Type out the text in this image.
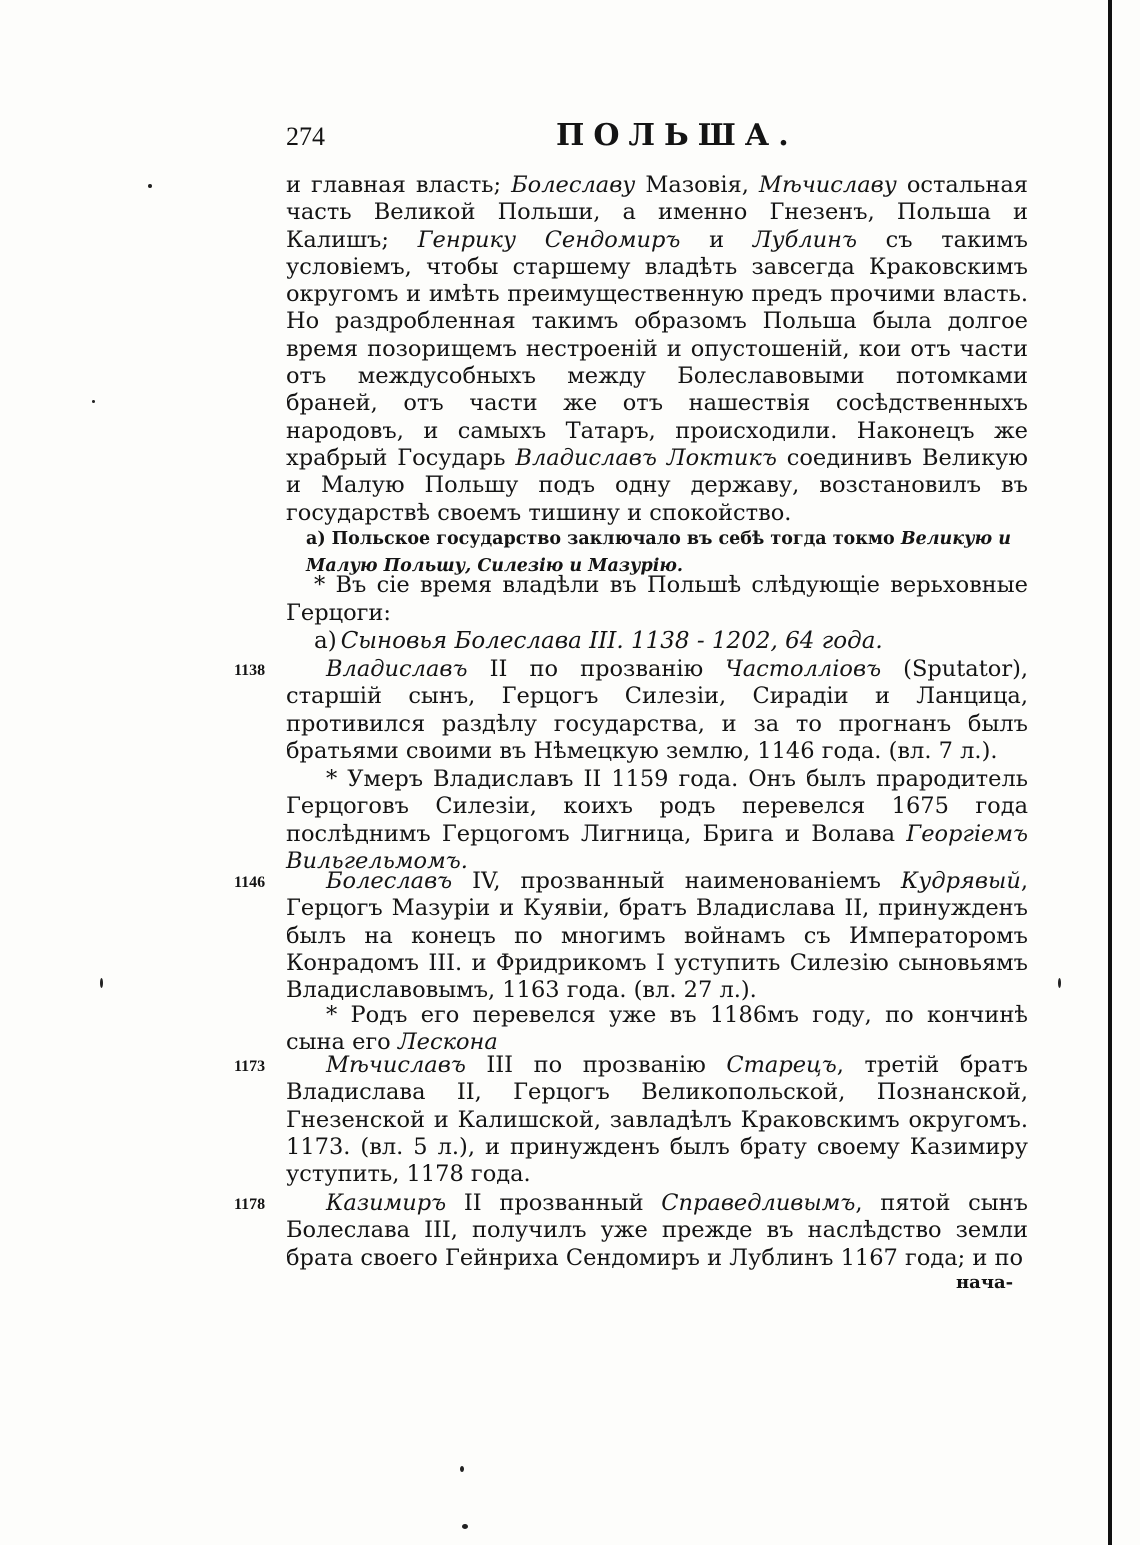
274	ПОЛЬША.
и главная власть; Болеславу Мазовія, Мѣчиславу остальная часть Великой Польши, а именно Гнезенъ, Польша и Калишъ; Генрику Сендомиръ и Лублинъ съ такимъ условіемъ, чтобы старшему владѣть завсегда Краковскимъ округомъ и имѣть преимущественную предъ прочими власть. Но раздробленная такимъ образомъ Польша была долгое время позорищемъ нестроеній и опустошеній, кои отъ части отъ междусобныхъ между Болеславовыми потомками браней, отъ части же отъ нашествія сосѣдственныхъ народовъ, и самыхъ Татаръ, происходили. Наконецъ же храбрый Государь Владиславъ Локтикъ соединивъ Великую и Малую Польшу подъ одну державу, возстановилъ въ государствѣ своемъ тишину и спокойство.
а) Польское государство заключало въ себѣ тогда токмо Великую и Малую Польшу, Силезію и Мазурію.
* Въ сіе время владѣли въ Польшѣ слѣдующіе верьховные Герцоги:
а) Сыновья Болеслава III. 1138 - 1202, 64 года.
1138	Владиславъ II по прозванію Частолліовъ (Sputator), старшій сынъ, Герцогъ Силезіи, Сирадіи и Ланцица, противился раздѣлу государства, и за то прогнанъ былъ братьями своими въ Нѣмецкую землю, 1146 года. (вл. 7 л.).
* Умеръ Владиславъ II 1159 года. Онъ былъ прародитель Герцоговъ Силезіи, коихъ родъ перевелся 1675 года послѣднимъ Герцогомъ Лигница, Брига и Волава Георгіемъ Вильгельмомъ.
1146	Болеславъ IV, прозванный наименованіемъ Кудрявый, Герцогъ Мазуріи и Куявіи, братъ Владислава II, принужденъ былъ на конецъ по многимъ войнамъ съ Императоромъ Конрадомъ III. и Фридрикомъ I уступить Силезію сыновьямъ Владиславовымъ, 1163 года. (вл. 27 л.).
* Родъ его перевелся уже въ 1186мъ году, по кончинѣ сына его Лескона
1173	Мѣчиславъ III по прозванію Старецъ, третій братъ Владислава II, Герцогъ Великопольской, Познанской, Гнезенской и Калишской, завладѣлъ Краковскимъ округомъ. 1173. (вл. 5 л.), и принужденъ былъ брату своему Казимиру уступить, 1178 года.
1178	Казимиръ II прозванный Справедливымъ, пятой сынъ Болеслава III, получилъ уже прежде въ наслѣдство земли брата своего Гейнриха Сендомиръ и Лублинъ 1167 года; и по
нача-
